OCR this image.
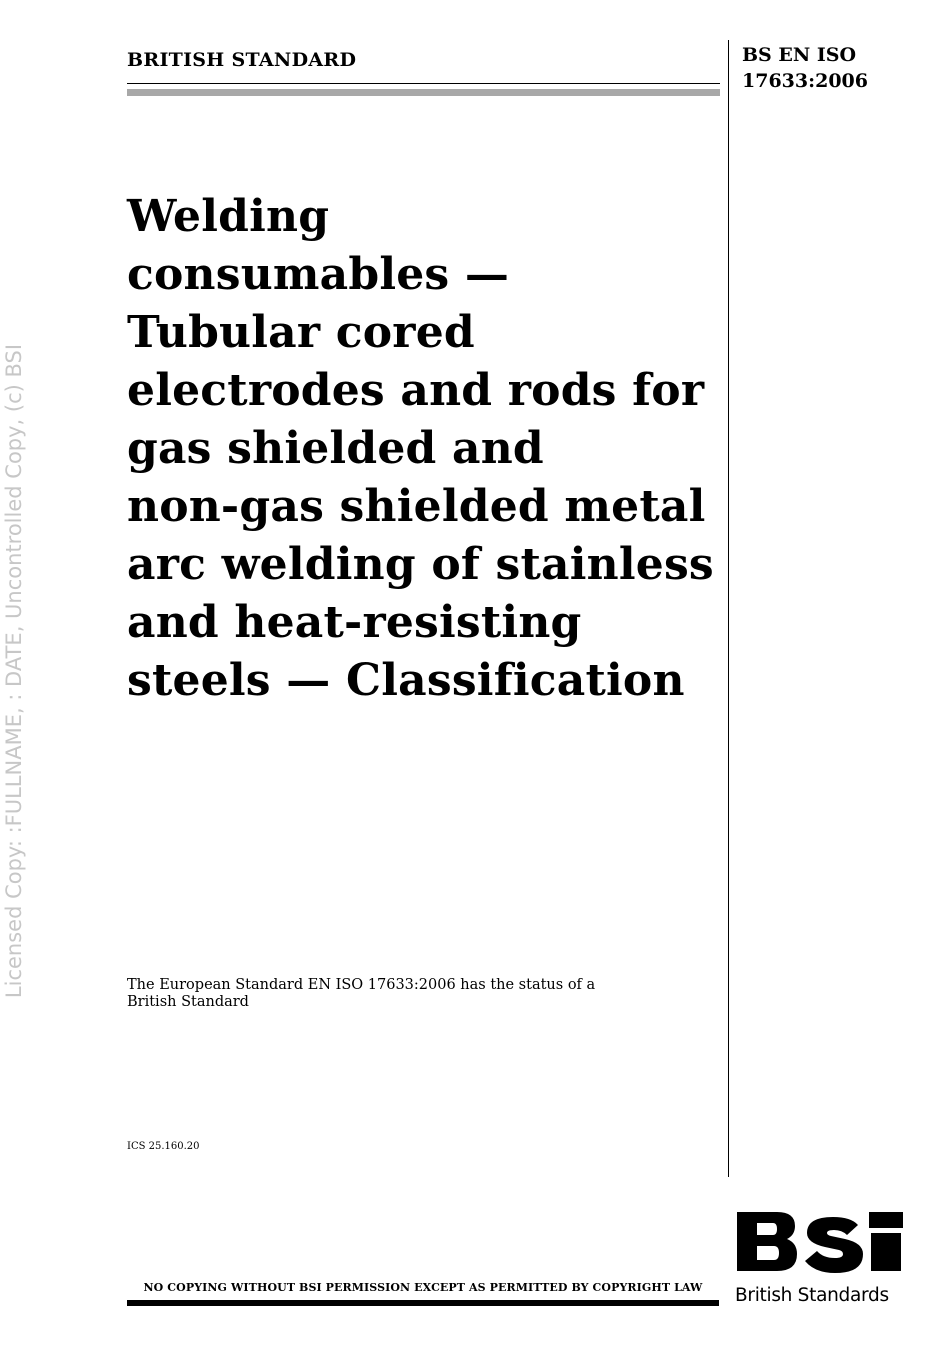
BRITISH STANDARD	BS EN ISO
17633:2006
Welding
consumables —
Tubular cored
electrodes and rods for
gas shielded and
non-gas shielded metal
arc welding of stainless
and heat-resisting
steels — Classification
The European Standard EN ISO 17633:2006 has the status of a
British Standard
ICS 25.160.20
NO COPYING WITHOUT BSI PERMISSION EXCEPT AS PERMITTED BY COPYRIGHT LAW
Licensed Copy: :FULLNAME, : DATE, Uncontrolled Copy, (c) BSI
British Standards
